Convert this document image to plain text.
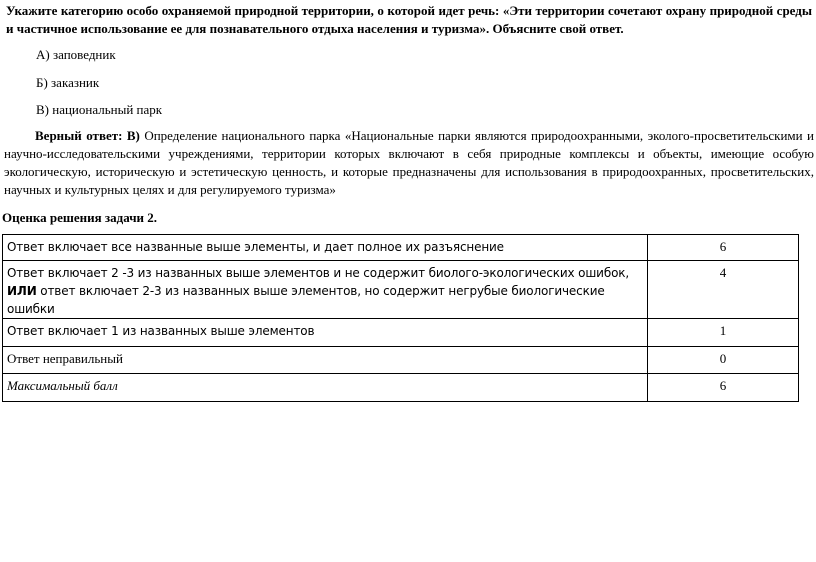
Укажите категорию особо охраняемой природной территории, о которой идет речь: «Эти территории сочетают охрану природной среды и частичное использование ее для познавательного отдыха населения и туризма». Объясните свой ответ.
А) заповедник
Б) заказник
В) национальный парк
Верный ответ: В) Определение национального парка «Национальные парки являются природоохранными, эколого-просветительскими и научно-исследовательскими учреждениями, территории которых включают в себя природные комплексы и объекты, имеющие особую экологическую, историческую и эстетическую ценность, и которые предназначены для использования в природоохранных, просветительских, научных и культурных целях и для регулируемого туризма»
Оценка решения задачи 2.
Ответ включает все названные выше элементы, и дает полное их разъяснение	6
Ответ включает 2 -3 из названных выше элементов и не содержит биолого-экологических ошибок, ИЛИ ответ включает 2-3 из названных выше элементов, но содержит негрубые биологические ошибки	4
Ответ включает 1 из названных выше элементов	1
Ответ неправильный	0
Максимальный балл	6
